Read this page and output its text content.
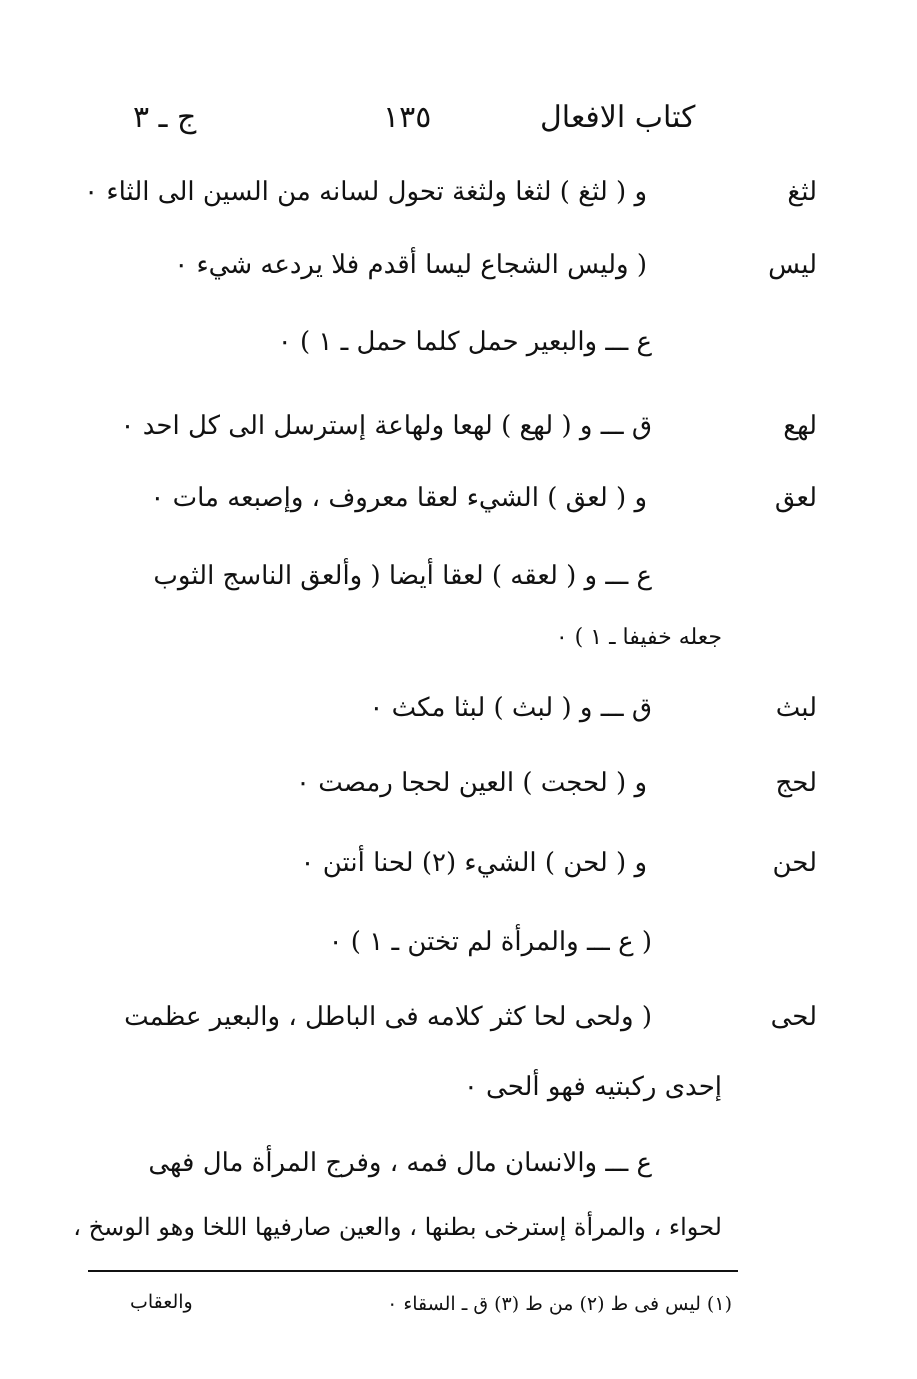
كتاب الافعال
١٣٥
ج ـ ٣
لثغ
و ( لثغ ) لثغا ولثغة تحول لسانه من السين الى الثاء ٠
ليس
( وليس الشجاع ليسا أقدم فلا يردعه شيء ٠
ع ـــ والبعير حمل كلما حمل ـ ١ ) ٠
لهع
ق ـــ و ( لهع ) لهعا ولهاعة إسترسل الى كل احد ٠
لعق
و ( لعق ) الشيء لعقا معروف ، وإصبعه مات ٠
ع ـــ و ( لعقه ) لعقا أيضا ( وألعق الناسج الثوب
جعله خفيفا ـ ١ ) ٠
لبث
ق ـــ و ( لبث ) لبثا مكث ٠
لحج
و ( لحجت ) العين لحجا رمصت ٠
لحن
و ( لحن ) الشيء (٢) لحنا أنتن ٠
( ع ـــ والمرأة لم تختن ـ ١ ) ٠
لحى
( ولحى لحا كثر كلامه فى الباطل ، والبعير عظمت
إحدى ركبتيه فهو ألحى ٠
ع ـــ والانسان مال فمه ، وفرج المرأة مال فهى
لحواء ، والمرأة إسترخى بطنها ، والعين صارفيها اللخا وهو الوسخ ،
(١) ليس فى ط (٢) من ط (٣) ق ـ السقاء ٠
والعقاب
